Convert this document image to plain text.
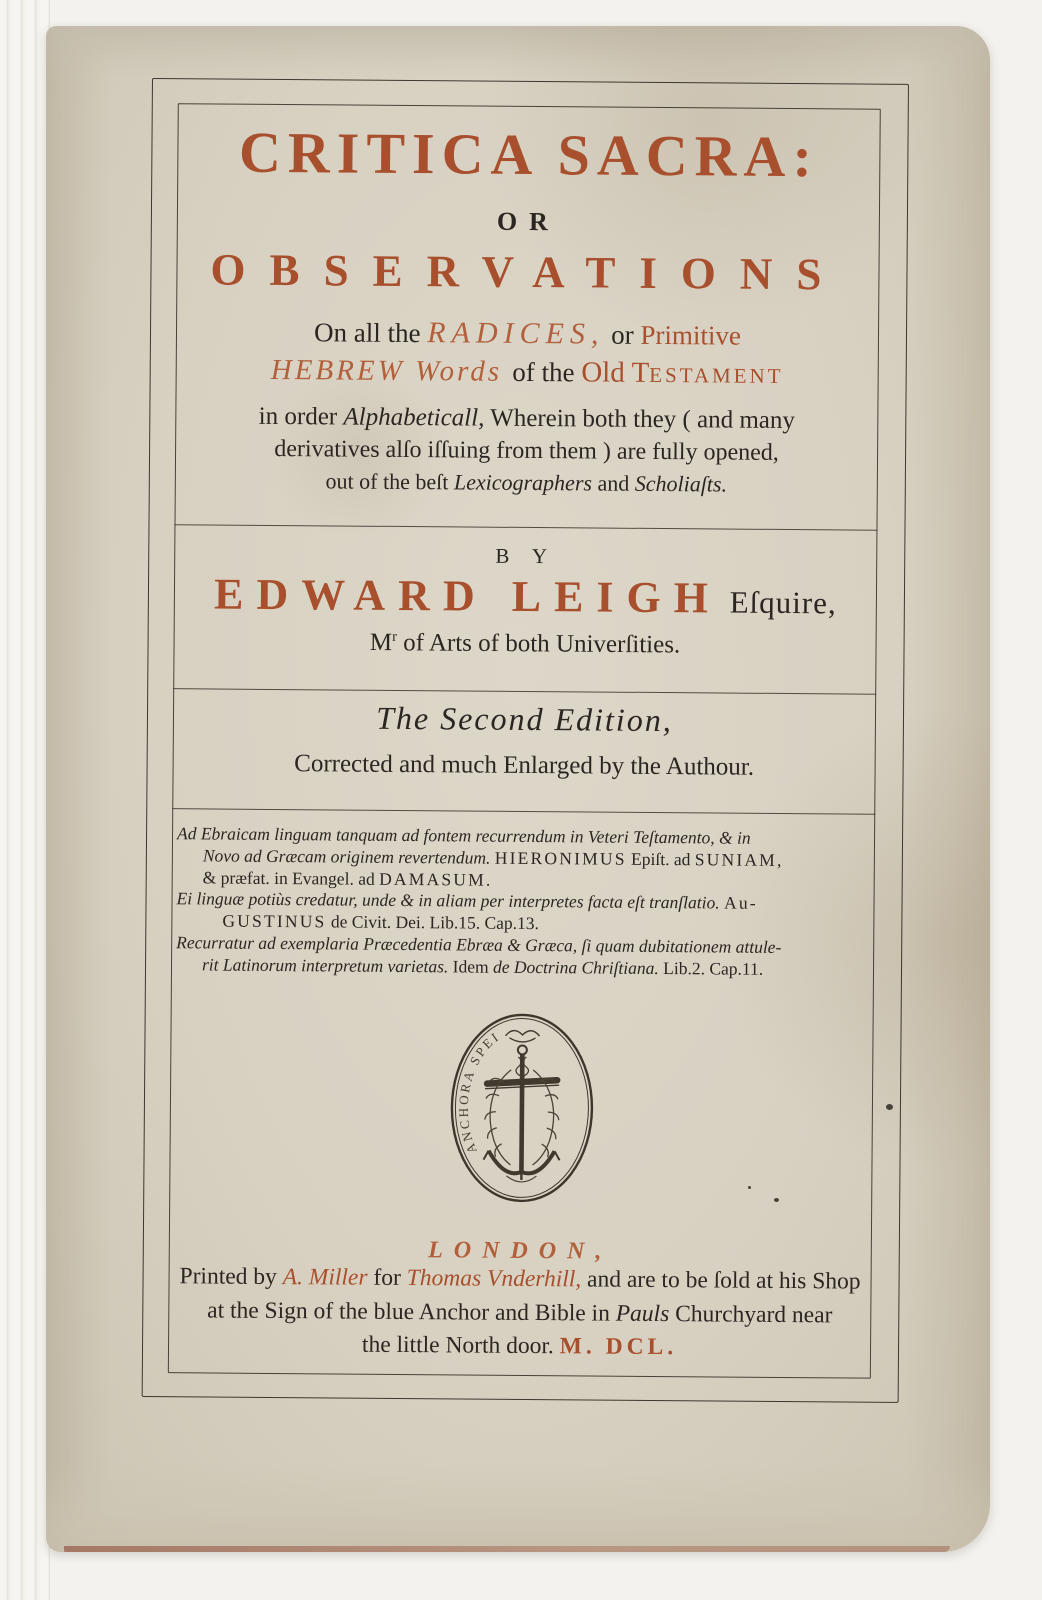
CRITICA SACRA:
OR
OBSERVATIONS
On all the RADICES, or Primitive
HEBREW Words of the Old TESTAMENT
in order Alphabeticall, Wherein both they ( and many
derivatives alſo iſſuing from them ) are fully opened,
out of the beſt Lexicographers and Scholiaſts.
B Y
EDWARD LEIGH Eſquire,
$M^r$ of Arts of both Univerſities.
The Second Edition,
Corrected and much Enlarged by the Authour.
Ad Ebraicam linguam tanquam ad fontem recurrendum in Veteri Teſtamento, & in
Novo ad Græcam originem revertendum. HIERONIMUS Epiſt. ad SUNIAM,
& præfat. in Evangel. ad DAMASUM.
Ei linguæ potiùs credatur, unde & in aliam per interpretes facta eſt tranſlatio. Au-
GUSTINUS de Civit. Dei. Lib.15. Cap.13.
Recurratur ad exemplaria Præcedentia Ebræa & Græca, ſi quam dubitationem attule-
rit Latinorum interpretum varietas. Idem de Doctrina Chriſtiana. Lib.2. Cap.11.
ANCHORA SPEI
LONDON,
Printed by A. Miller for Thomas Vnderhill, and are to be ſold at his Shop
at the Sign of the blue Anchor and Bible in Pauls Churchyard near
the little North door. M. DCL.
